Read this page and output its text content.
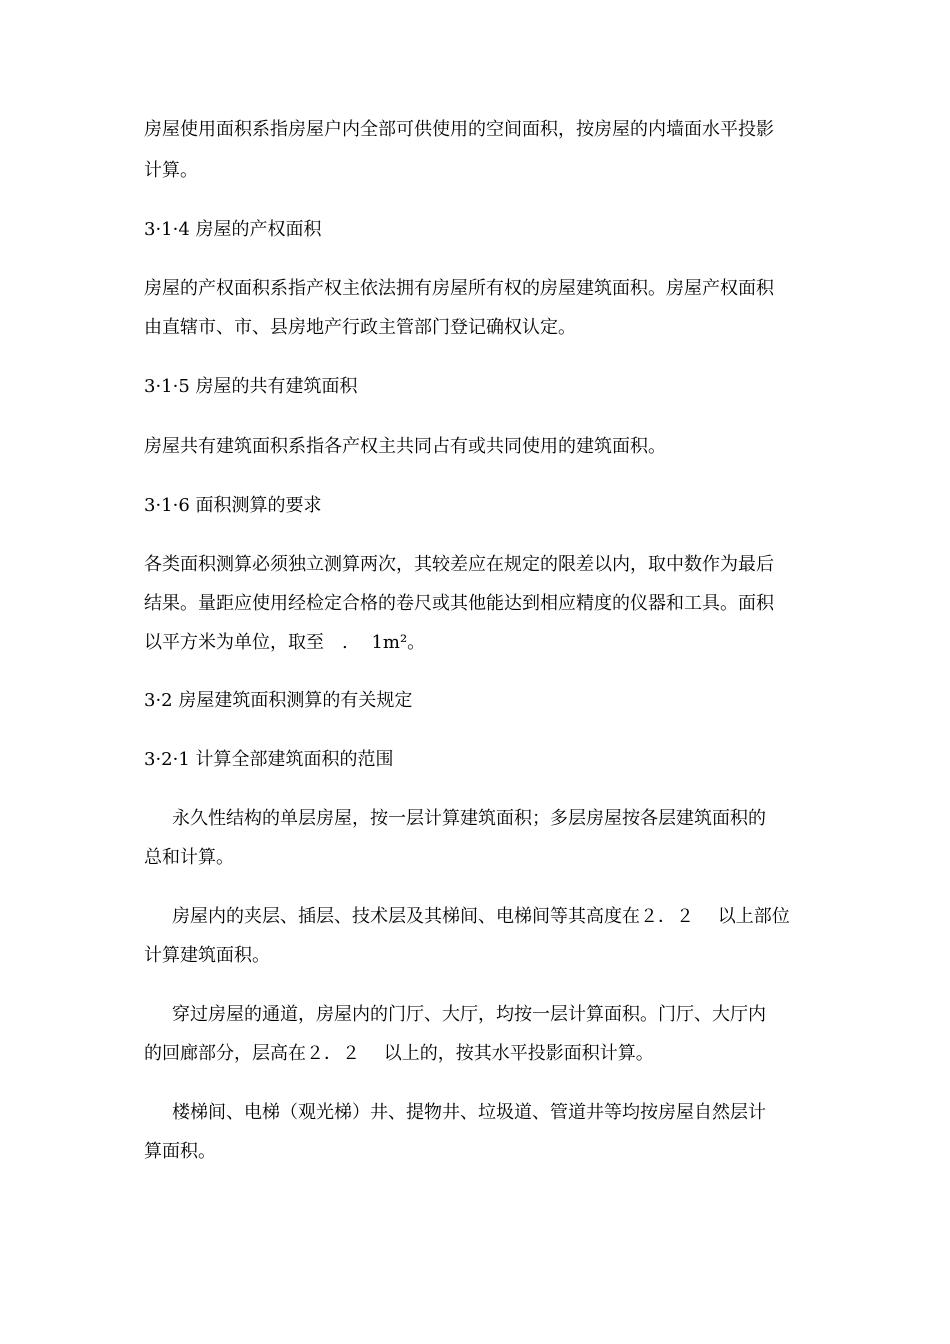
房屋使用面积系指房屋户内全部可供使用的空间面积，按房屋的内墙面水平投影
计算。
3·1·4 房屋的产权面积
房屋的产权面积系指产权主依法拥有房屋所有权的房屋建筑面积。房屋产权面积
由直辖市、市、县房地产行政主管部门登记确权认定。
3·1·5 房屋的共有建筑面积
房屋共有建筑面积系指各产权主共同占有或共同使用的建筑面积。
3·1·6 面积测算的要求
各类面积测算必须独立测算两次，其较差应在规定的限差以内，取中数作为最后
结果。量距应使用经检定合格的卷尺或其他能达到相应精度的仪器和工具。面积
以平方米为单位，取至　.　 1m²。
3·2 房屋建筑面积测算的有关规定
3·2·1 计算全部建筑面积的范围
永久性结构的单层房屋，按一层计算建筑面积；多层房屋按各层建筑面积的
总和计算。
房屋内的夹层、插层、技术层及其梯间、电梯间等其高度在２．２　 以上部位
计算建筑面积。
穿过房屋的通道，房屋内的门厅、大厅，均按一层计算面积。门厅、大厅内
的回廊部分，层高在２．２　 以上的，按其水平投影面积计算。
楼梯间、电梯（观光梯）井、提物井、垃圾道、管道井等均按房屋自然层计
算面积。
